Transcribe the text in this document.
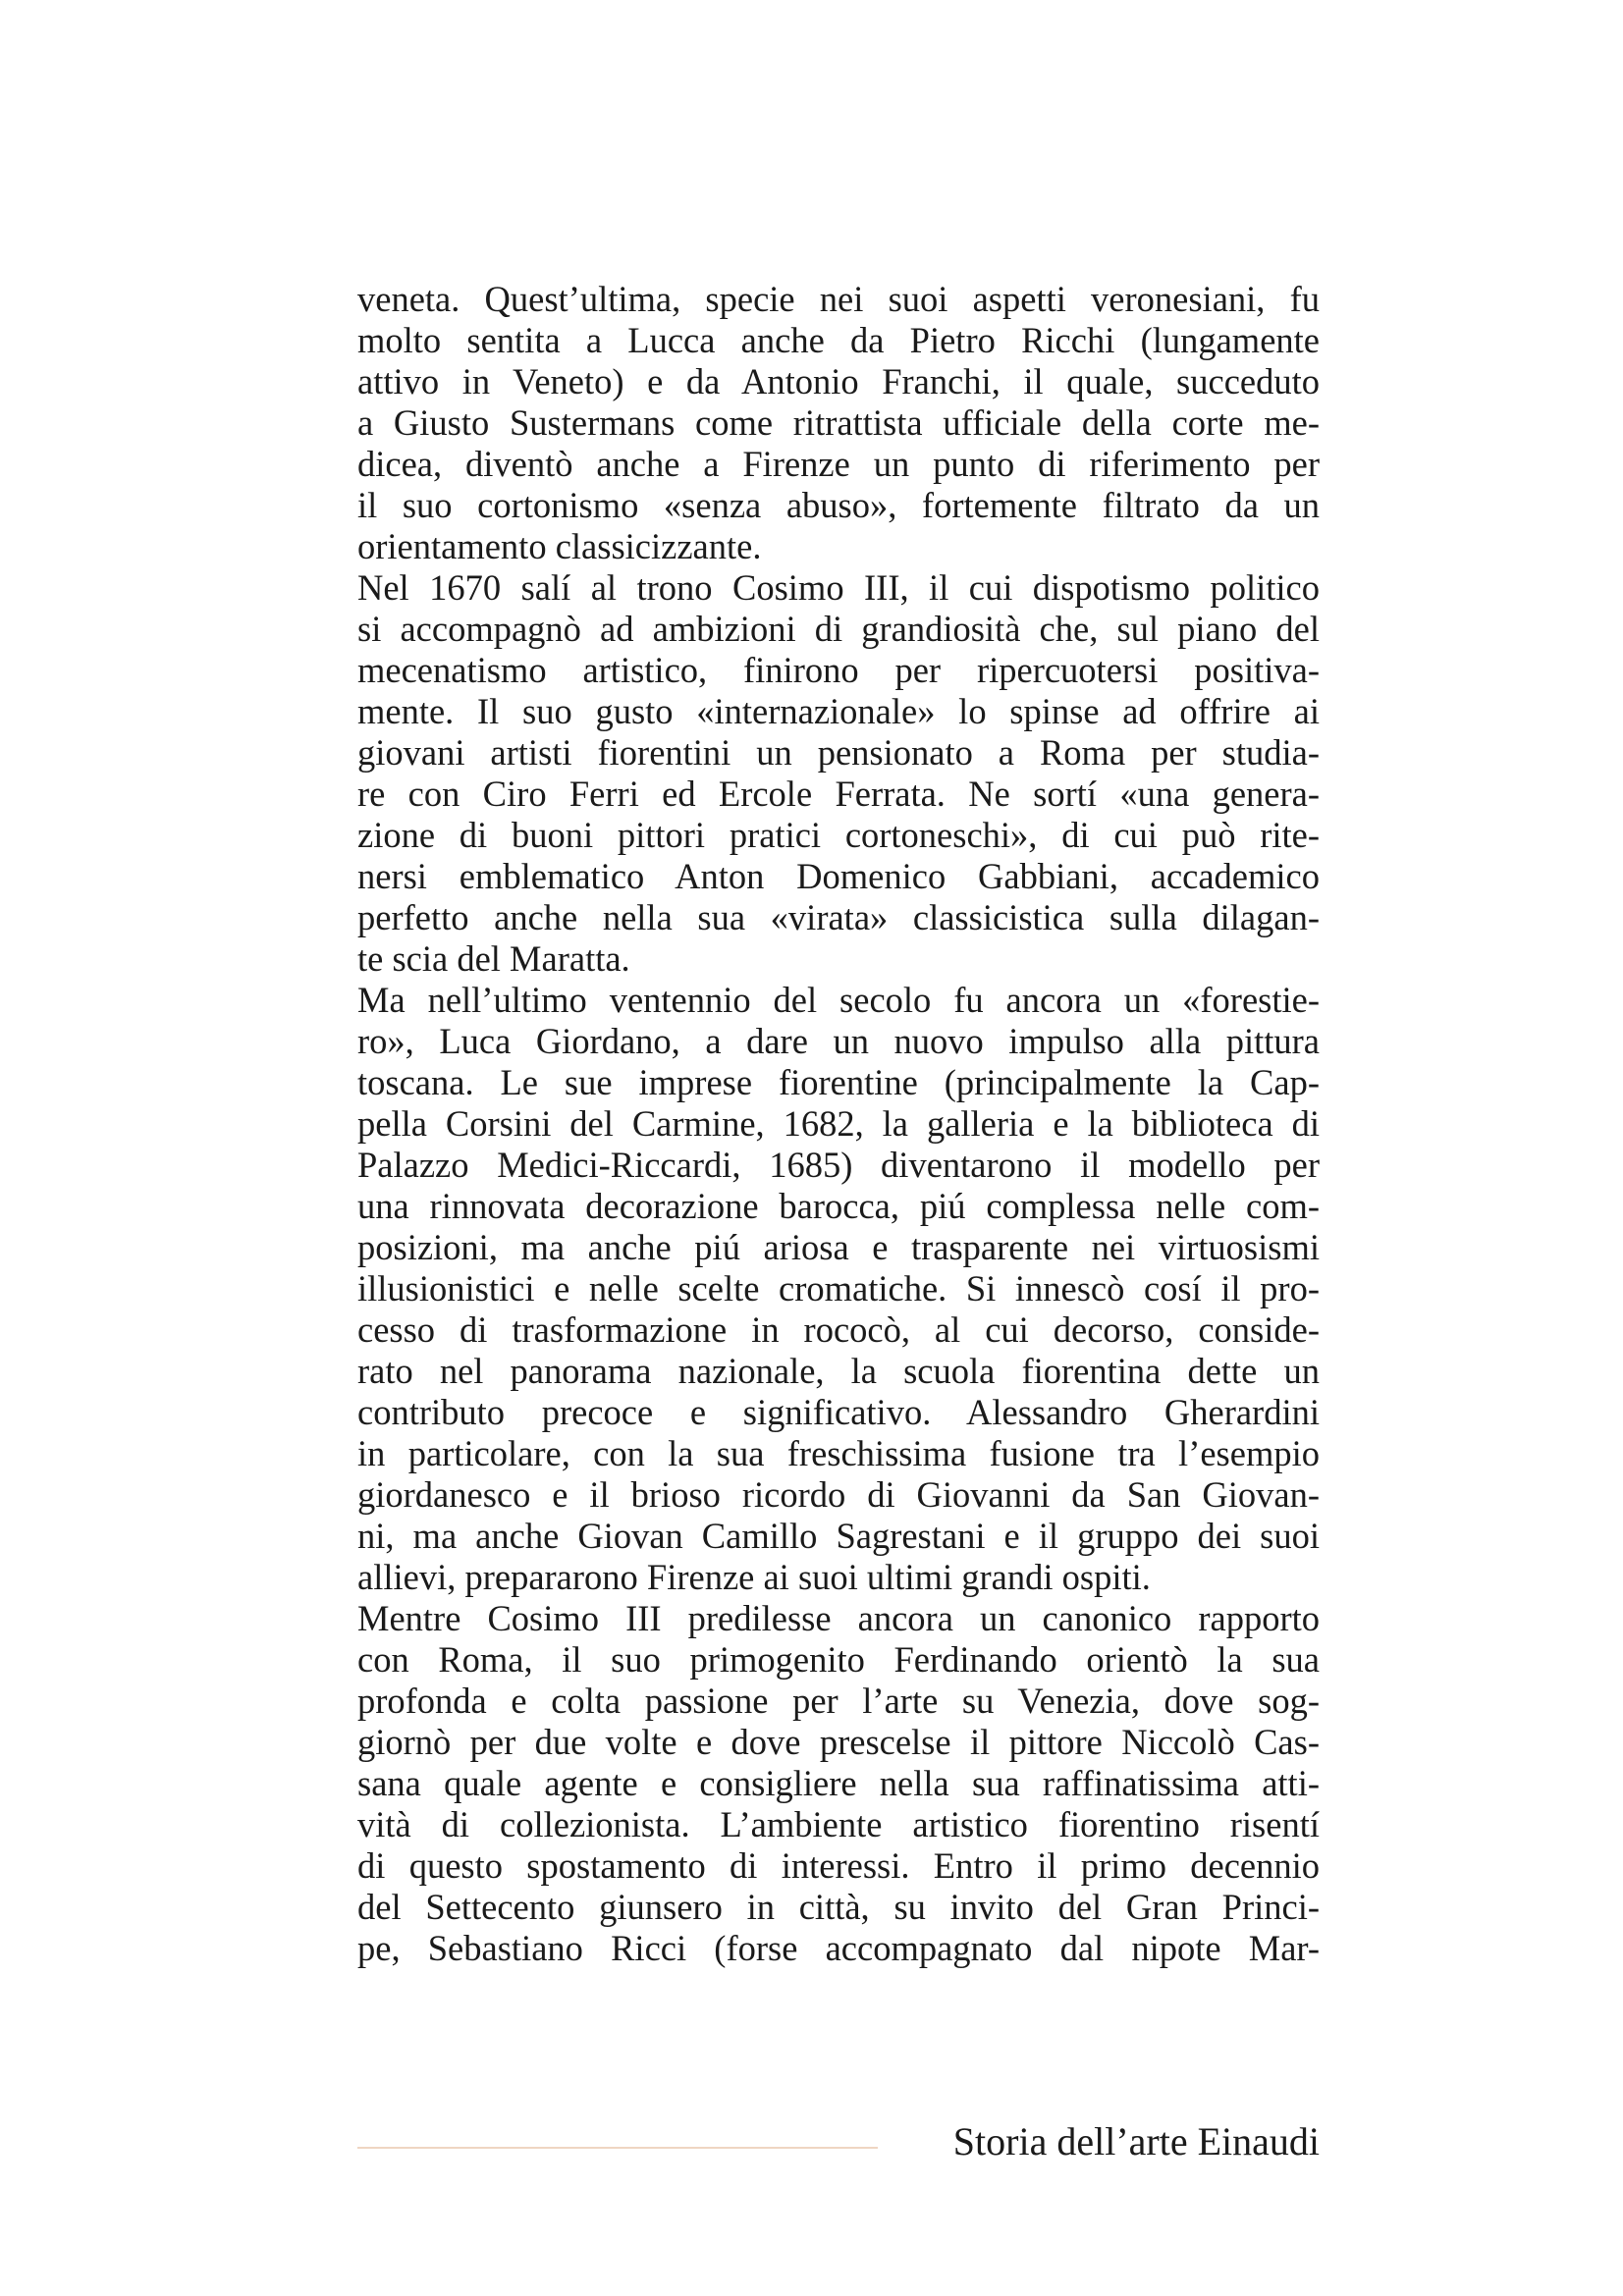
veneta. Quest’ultima, specie nei suoi aspetti veronesiani, fu
molto sentita a Lucca anche da Pietro Ricchi (lungamente
attivo in Veneto) e da Antonio Franchi, il quale, succeduto
a Giusto Sustermans come ritrattista ufficiale della corte me-
dicea, diventò anche a Firenze un punto di riferimento per
il suo cortonismo «senza abuso», fortemente filtrato da un
orientamento classicizzante.
Nel 1670 salí al trono Cosimo III, il cui dispotismo politico
si accompagnò ad ambizioni di grandiosità che, sul piano del
mecenatismo artistico, finirono per ripercuotersi positiva-
mente. Il suo gusto «internazionale» lo spinse ad offrire ai
giovani artisti fiorentini un pensionato a Roma per studia-
re con Ciro Ferri ed Ercole Ferrata. Ne sortí «una genera-
zione di buoni pittori pratici cortoneschi», di cui può rite-
nersi emblematico Anton Domenico Gabbiani, accademico
perfetto anche nella sua «virata» classicistica sulla dilagan-
te scia del Maratta.
Ma nell’ultimo ventennio del secolo fu ancora un «forestie-
ro», Luca Giordano, a dare un nuovo impulso alla pittura
toscana. Le sue imprese fiorentine (principalmente la Cap-
pella Corsini del Carmine, 1682, la galleria e la biblioteca di
Palazzo Medici-Riccardi, 1685) diventarono il modello per
una rinnovata decorazione barocca, piú complessa nelle com-
posizioni, ma anche piú ariosa e trasparente nei virtuosismi
illusionistici e nelle scelte cromatiche. Si innescò cosí il pro-
cesso di trasformazione in rococò, al cui decorso, conside-
rato nel panorama nazionale, la scuola fiorentina dette un
contributo precoce e significativo. Alessandro Gherardini
in particolare, con la sua freschissima fusione tra l’esempio
giordanesco e il brioso ricordo di Giovanni da San Giovan-
ni, ma anche Giovan Camillo Sagrestani e il gruppo dei suoi
allievi, prepararono Firenze ai suoi ultimi grandi ospiti.
Mentre Cosimo III predilesse ancora un canonico rapporto
con Roma, il suo primogenito Ferdinando orientò la sua
profonda e colta passione per l’arte su Venezia, dove sog-
giornò per due volte e dove prescelse il pittore Niccolò Cas-
sana quale agente e consigliere nella sua raffinatissima atti-
vità di collezionista. L’ambiente artistico fiorentino risentí
di questo spostamento di interessi. Entro il primo decennio
del Settecento giunsero in città, su invito del Gran Princi-
pe, Sebastiano Ricci (forse accompagnato dal nipote Mar-
Storia dell’arte Einaudi
